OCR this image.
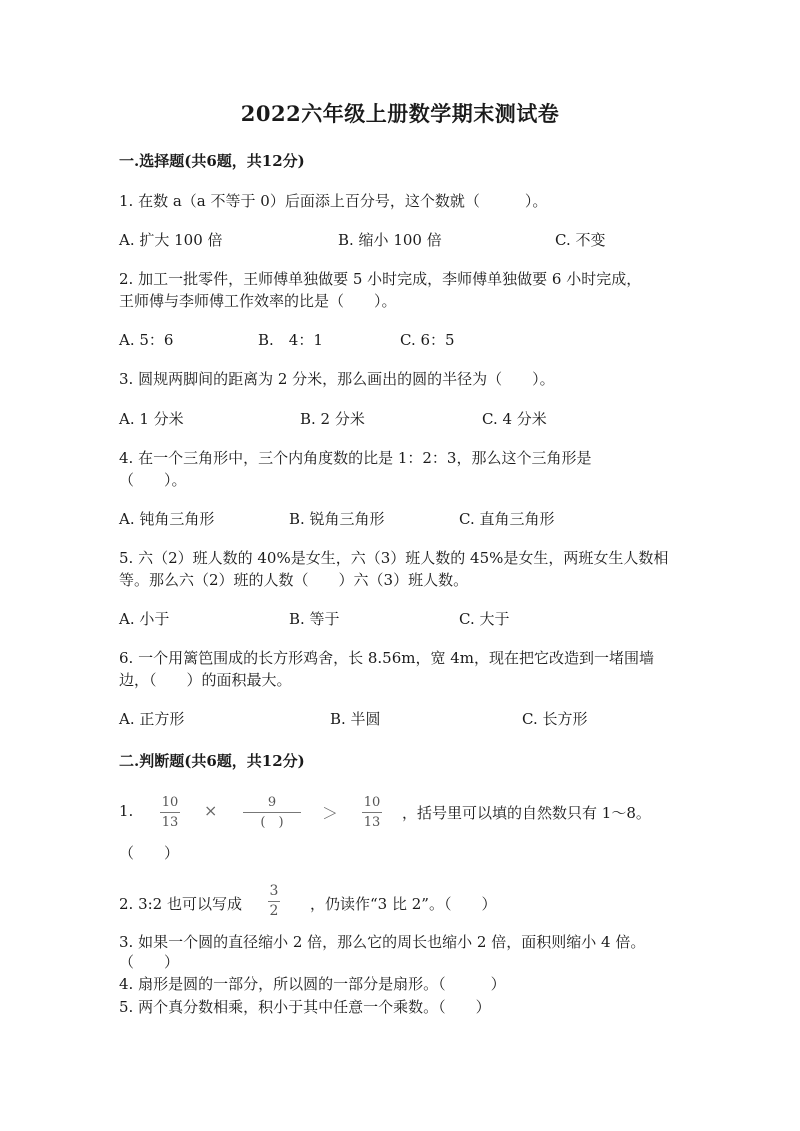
2022六年级上册数学期末测试卷
一.选择题(共6题，共12分)
1. 在数 a（a 不等于 0）后面添上百分号，这个数就（　　　）。
A. 扩大 100 倍	B. 缩小 100 倍	C. 不变
2. 加工一批零件，王师傅单独做要 5 小时完成，李师傅单独做要 6 小时完成，
王师傅与李师傅工作效率的比是（　　）。
A. 5：6	B.　4：1	C. 6：5
3. 圆规两脚间的距离为 2 分米，那么画出的圆的半径为（　　）。
A. 1 分米	B. 2 分米	C. 4 分米
4. 在一个三角形中，三个内角度数的比是 1：2：3，那么这个三角形是
（　　）。
A. 钝角三角形	B. 锐角三角形	C. 直角三角形
5. 六（2）班人数的 40%是女生，六（3）班人数的 45%是女生，两班女生人数相
等。那么六（2）班的人数（　　）六（3）班人数。
A. 小于	B. 等于	C. 大于
6. 一个用篱笆围成的长方形鸡舍，长 8.56m，宽 4m，现在把它改造到一堵围墙
边，（　　）的面积最大。
A. 正方形	B. 半圆	C. 长方形
二.判断题(共6题，共12分)
1. 10
13
×	9
(　) ＞
10
13
，括号里可以填的自然数只有 1～8。
（　　）
2. 3:2 也可以写成
3
2 ，仍读作“3 比 2”。（　　）
3. 如果一个圆的直径缩小 2 倍，那么它的周长也缩小 2 倍，面积则缩小 4 倍。
（　　）
4. 扇形是圆的一部分，所以圆的一部分是扇形。（　　　）
5. 两个真分数相乘，积小于其中任意一个乘数。（　　）
